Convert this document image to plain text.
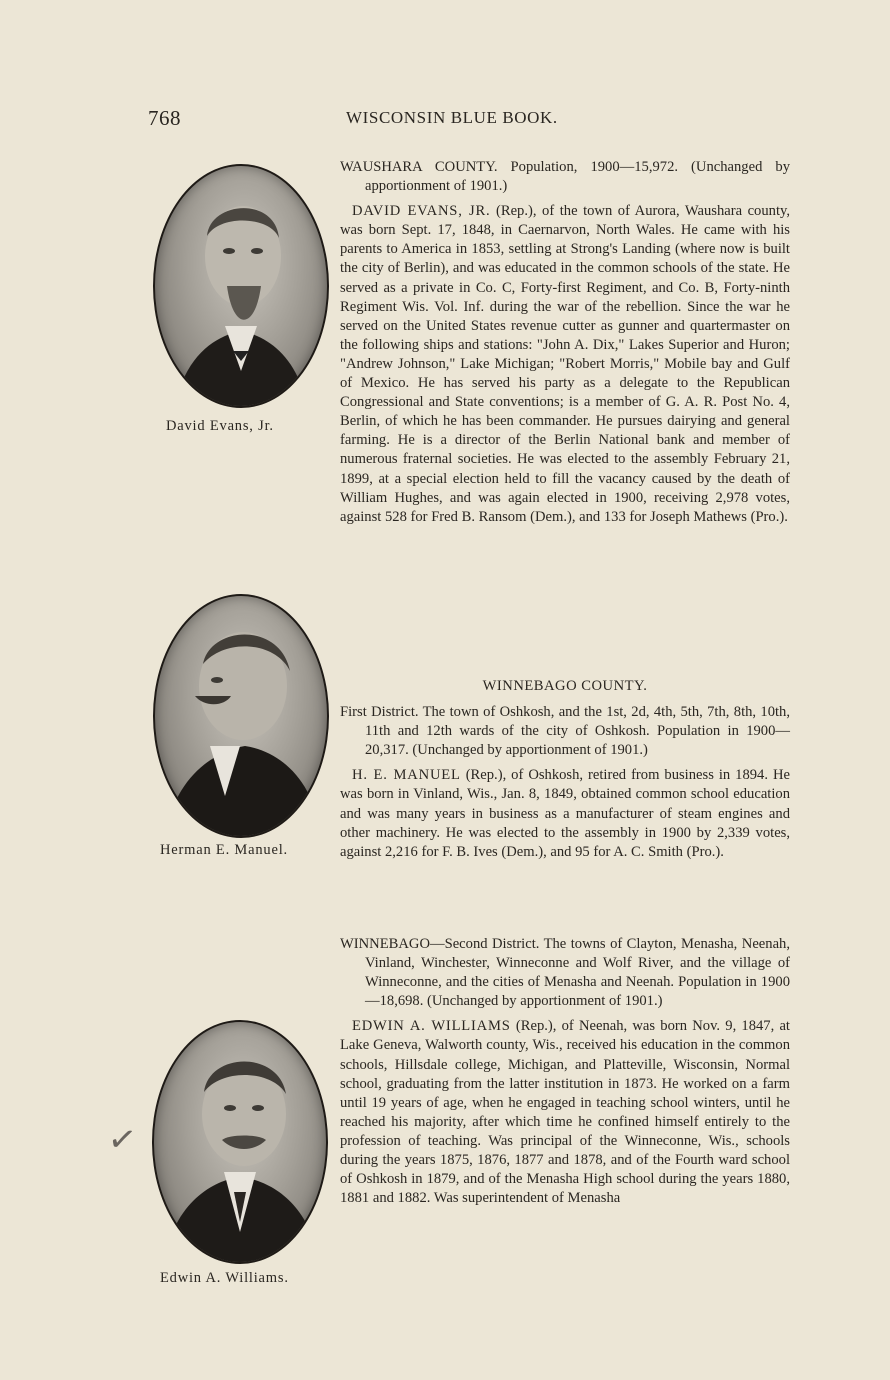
768	WISCONSIN BLUE BOOK.
David Evans, Jr.
Herman E. Manuel.
Edwin A. Williams.
✓

WAUSHARA COUNTY. Population, 1900—15,972. (Unchanged by apportionment of 1901.)

DAVID EVANS, JR. (Rep.), of the town of Aurora, Waushara county, was born Sept. 17, 1848, in Caernarvon, North Wales. He came with his parents to America in 1853, settling at Strong's Landing (where now is built the city of Berlin), and was educated in the common schools of the state. He served as a private in Co. C, Forty-first Regiment, and Co. B, Forty-ninth Regiment Wis. Vol. Inf. during the war of the rebellion. Since the war he served on the United States revenue cutter as gunner and quartermaster on the following ships and stations: "John A. Dix," Lakes Superior and Huron; "Andrew Johnson," Lake Michigan; "Robert Morris," Mobile bay and Gulf of Mexico. He has served his party as a delegate to the Republican Congressional and State conventions; is a member of G. A. R. Post No. 4, Berlin, of which he has been commander. He pursues dairying and general farming. He is a director of the Berlin National bank and member of numerous fraternal societies. He was elected to the assembly February 21, 1899, at a special election held to fill the vacancy caused by the death of William Hughes, and was again elected in 1900, receiving 2,978 votes, against 528 for Fred B. Ransom (Dem.), and 133 for Joseph Mathews (Pro.).

WINNEBAGO COUNTY.

First District. The town of Oshkosh, and the 1st, 2d, 4th, 5th, 7th, 8th, 10th, 11th and 12th wards of the city of Oshkosh. Population in 1900—20,317. (Unchanged by apportionment of 1901.)

H. E. MANUEL (Rep.), of Oshkosh, retired from business in 1894. He was born in Vinland, Wis., Jan. 8, 1849, obtained common school education and was many years in business as a manufacturer of steam engines and other machinery. He was elected to the assembly in 1900 by 2,339 votes, against 2,216 for F. B. Ives (Dem.), and 95 for A. C. Smith (Pro.).

WINNEBAGO—Second District. The towns of Clayton, Menasha, Neenah, Vinland, Winchester, Winneconne and Wolf River, and the village of Winneconne, and the cities of Menasha and Neenah. Population in 1900—18,698. (Unchanged by apportionment of 1901.)

EDWIN A. WILLIAMS (Rep.), of Neenah, was born Nov. 9, 1847, at Lake Geneva, Walworth county, Wis., received his education in the common schools, Hillsdale college, Michigan, and Platteville, Wisconsin, Normal school, graduating from the latter institution in 1873. He worked on a farm until 19 years of age, when he engaged in teaching school winters, until he reached his majority, after which time he confined himself entirely to the profession of teaching. Was principal of the Winneconne, Wis., schools during the years 1875, 1876, 1877 and 1878, and of the Fourth ward school of Oshkosh in 1879, and of the Menasha High school during the years 1880, 1881 and 1882. Was superintendent of Menasha
